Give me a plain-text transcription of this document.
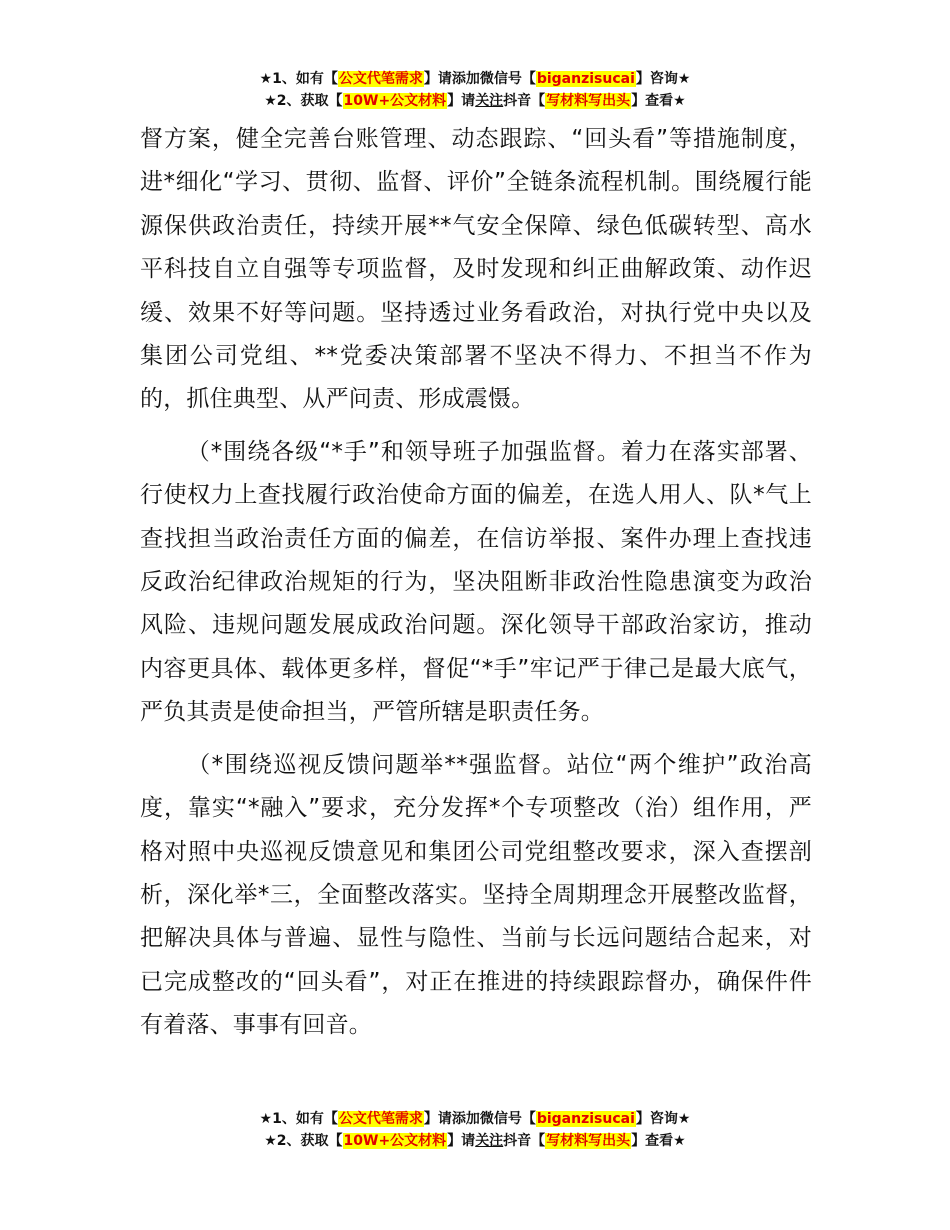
★1、如有【公文代笔需求】请添加微信号【biganzisucai】咨询★
★2、获取【10W+公文材料】请关注抖音【写材料写出头】查看★

督方案，健全完善台账管理、动态跟踪、“回头看”等措施制度，进*细化“学习、贯彻、监督、评价”全链条流程机制。围绕履行能源保供政治责任，持续开展**气安全保障、绿色低碳转型、高水平科技自立自强等专项监督，及时发现和纠正曲解政策、动作迟缓、效果不好等问题。坚持透过业务看政治，对执行党中央以及集团公司党组、**党委决策部署不坚决不得力、不担当不作为的，抓住典型、从严问责、形成震慑。

（*围绕各级“*手”和领导班子加强监督。着力在落实部署、行使权力上查找履行政治使命方面的偏差，在选人用人、队*气上查找担当政治责任方面的偏差，在信访举报、案件办理上查找违反政治纪律政治规矩的行为，坚决阻断非政治性隐患演变为政治风险、违规问题发展成政治问题。深化领导干部政治家访，推动内容更具体、载体更多样，督促“*手”牢记严于律己是最大底气，严负其责是使命担当，严管所辖是职责任务。

（*围绕巡视反馈问题举**强监督。站位“两个维护”政治高度，靠实“*融入”要求，充分发挥*个专项整改（治）组作用，严格对照中央巡视反馈意见和集团公司党组整改要求，深入查摆剖析，深化举*三，全面整改落实。坚持全周期理念开展整改监督，把解决具体与普遍、显性与隐性、当前与长远问题结合起来，对已完成整改的“回头看”，对正在推进的持续跟踪督办，确保件件有着落、事事有回音。

★1、如有【公文代笔需求】请添加微信号【biganzisucai】咨询★
★2、获取【10W+公文材料】请关注抖音【写材料写出头】查看★
